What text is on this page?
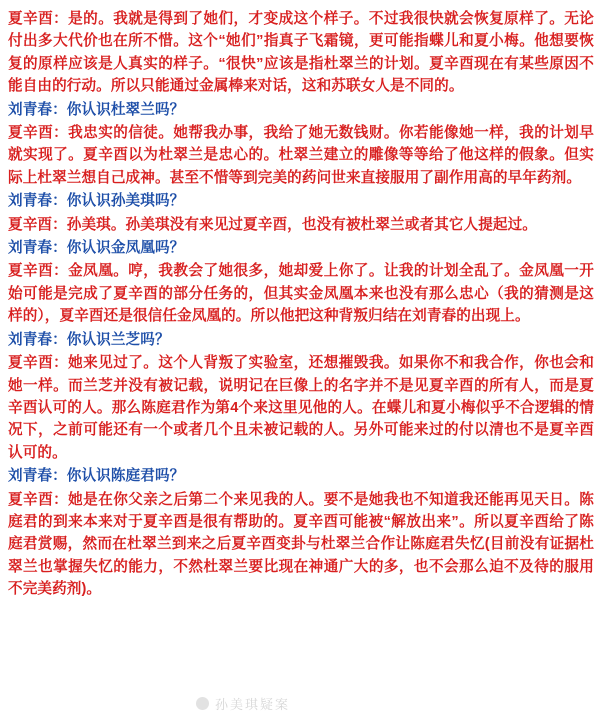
夏辛酉：是的。我就是得到了她们，才变成这个样子。不过我很快就会恢复原样了。无论付出多大代价也在所不惜。这个“她们”指真子飞霜镜，更可能指蝶儿和夏小梅。他想要恢复的原样应该是人真实的样子。“很快”应该是指杜翠兰的计划。夏辛酉现在有某些原因不能自由的行动。所以只能通过金属棒来对话，这和苏联女人是不同的。

刘青春：你认识杜翠兰吗？

夏辛酉：我忠实的信徒。她帮我办事，我给了她无数钱财。你若能像她一样，我的计划早就实现了。夏辛酉以为杜翠兰是忠心的。杜翠兰建立的雕像等等给了他这样的假象。但实际上杜翠兰想自己成神。甚至不惜等到完美的药问世来直接服用了副作用高的早年药剂。

刘青春：你认识孙美琪吗？

夏辛酉：孙美琪。孙美琪没有来见过夏辛酉，也没有被杜翠兰或者其它人提起过。

刘青春：你认识金凤凰吗？

夏辛酉：金凤凰。哼，我教会了她很多，她却爱上你了。让我的计划全乱了。金凤凰一开始可能是完成了夏辛酉的部分任务的，但其实金凤凰本来也没有那么忠心（我的猜测是这样的），夏辛酉还是很信任金凤凰的。所以他把这种背叛归结在刘青春的出现上。

刘青春：你认识兰芝吗？

夏辛酉：她来见过了。这个人背叛了实验室，还想摧毁我。如果你不和我合作，你也会和她一样。而兰芝并没有被记载，说明记在巨像上的名字并不是见夏辛酉的所有人，而是夏辛酉认可的人。那么陈庭君作为第4个来这里见他的人。在蝶儿和夏小梅似乎不合逻辑的情况下，之前可能还有一个或者几个且未被记载的人。另外可能来过的付以清也不是夏辛酉认可的。

刘青春：你认识陈庭君吗？

夏辛酉：她是在你父亲之后第二个来见我的人。要不是她我也不知道我还能再见天日。陈庭君的到来本来对于夏辛酉是很有帮助的。夏辛酉可能被“解放出来”。所以夏辛酉给了陈庭君赏赐，然而在杜翠兰到来之后夏辛酉变卦与杜翠兰合作让陈庭君失忆(目前没有证据杜翠兰也掌握失忆的能力，不然杜翠兰要比现在神通广大的多，也不会那么迫不及待的服用不完美药剂)。

孙美琪疑案
